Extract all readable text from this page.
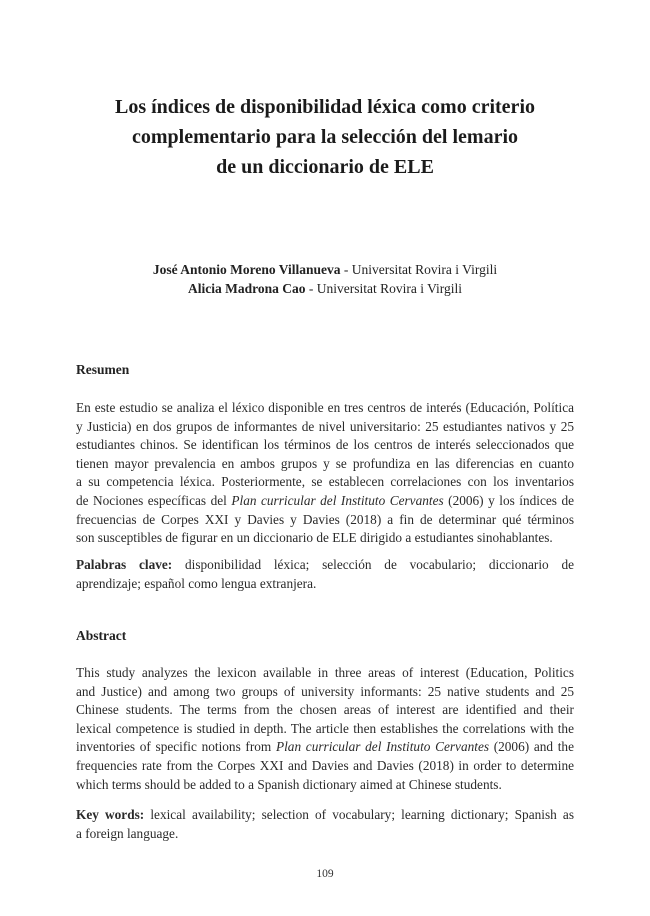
Los índices de disponibilidad léxica como criterio
complementario para la selección del lemario
de un diccionario de ELE
José Antonio Moreno Villanueva - Universitat Rovira i Virgili
Alicia Madrona Cao - Universitat Rovira i Virgili
Resumen
En este estudio se analiza el léxico disponible en tres centros de interés (Educación, Política
y Justicia) en dos grupos de informantes de nivel universitario: 25 estudiantes nativos y 25
estudiantes chinos. Se identifican los términos de los centros de interés seleccionados que
tienen mayor prevalencia en ambos grupos y se profundiza en las diferencias en cuanto
a su competencia léxica. Posteriormente, se establecen correlaciones con los inventarios
de Nociones específicas del Plan curricular del Instituto Cervantes (2006) y los índices de
frecuencias de Corpes XXI y Davies y Davies (2018) a fin de determinar qué términos
son susceptibles de figurar en un diccionario de ELE dirigido a estudiantes sinohablantes.
Palabras clave: disponibilidad léxica; selección de vocabulario; diccionario de
aprendizaje; español como lengua extranjera.
Abstract
This study analyzes the lexicon available in three areas of interest (Education, Politics
and Justice) and among two groups of university informants: 25 native students and 25
Chinese students. The terms from the chosen areas of interest are identified and their
lexical competence is studied in depth. The article then establishes the correlations with the
inventories of specific notions from Plan curricular del Instituto Cervantes (2006) and the
frequencies rate from the Corpes XXI and Davies and Davies (2018) in order to determine
which terms should be added to a Spanish dictionary aimed at Chinese students.
Key words: lexical availability; selection of vocabulary; learning dictionary; Spanish as
a foreign language.
109
